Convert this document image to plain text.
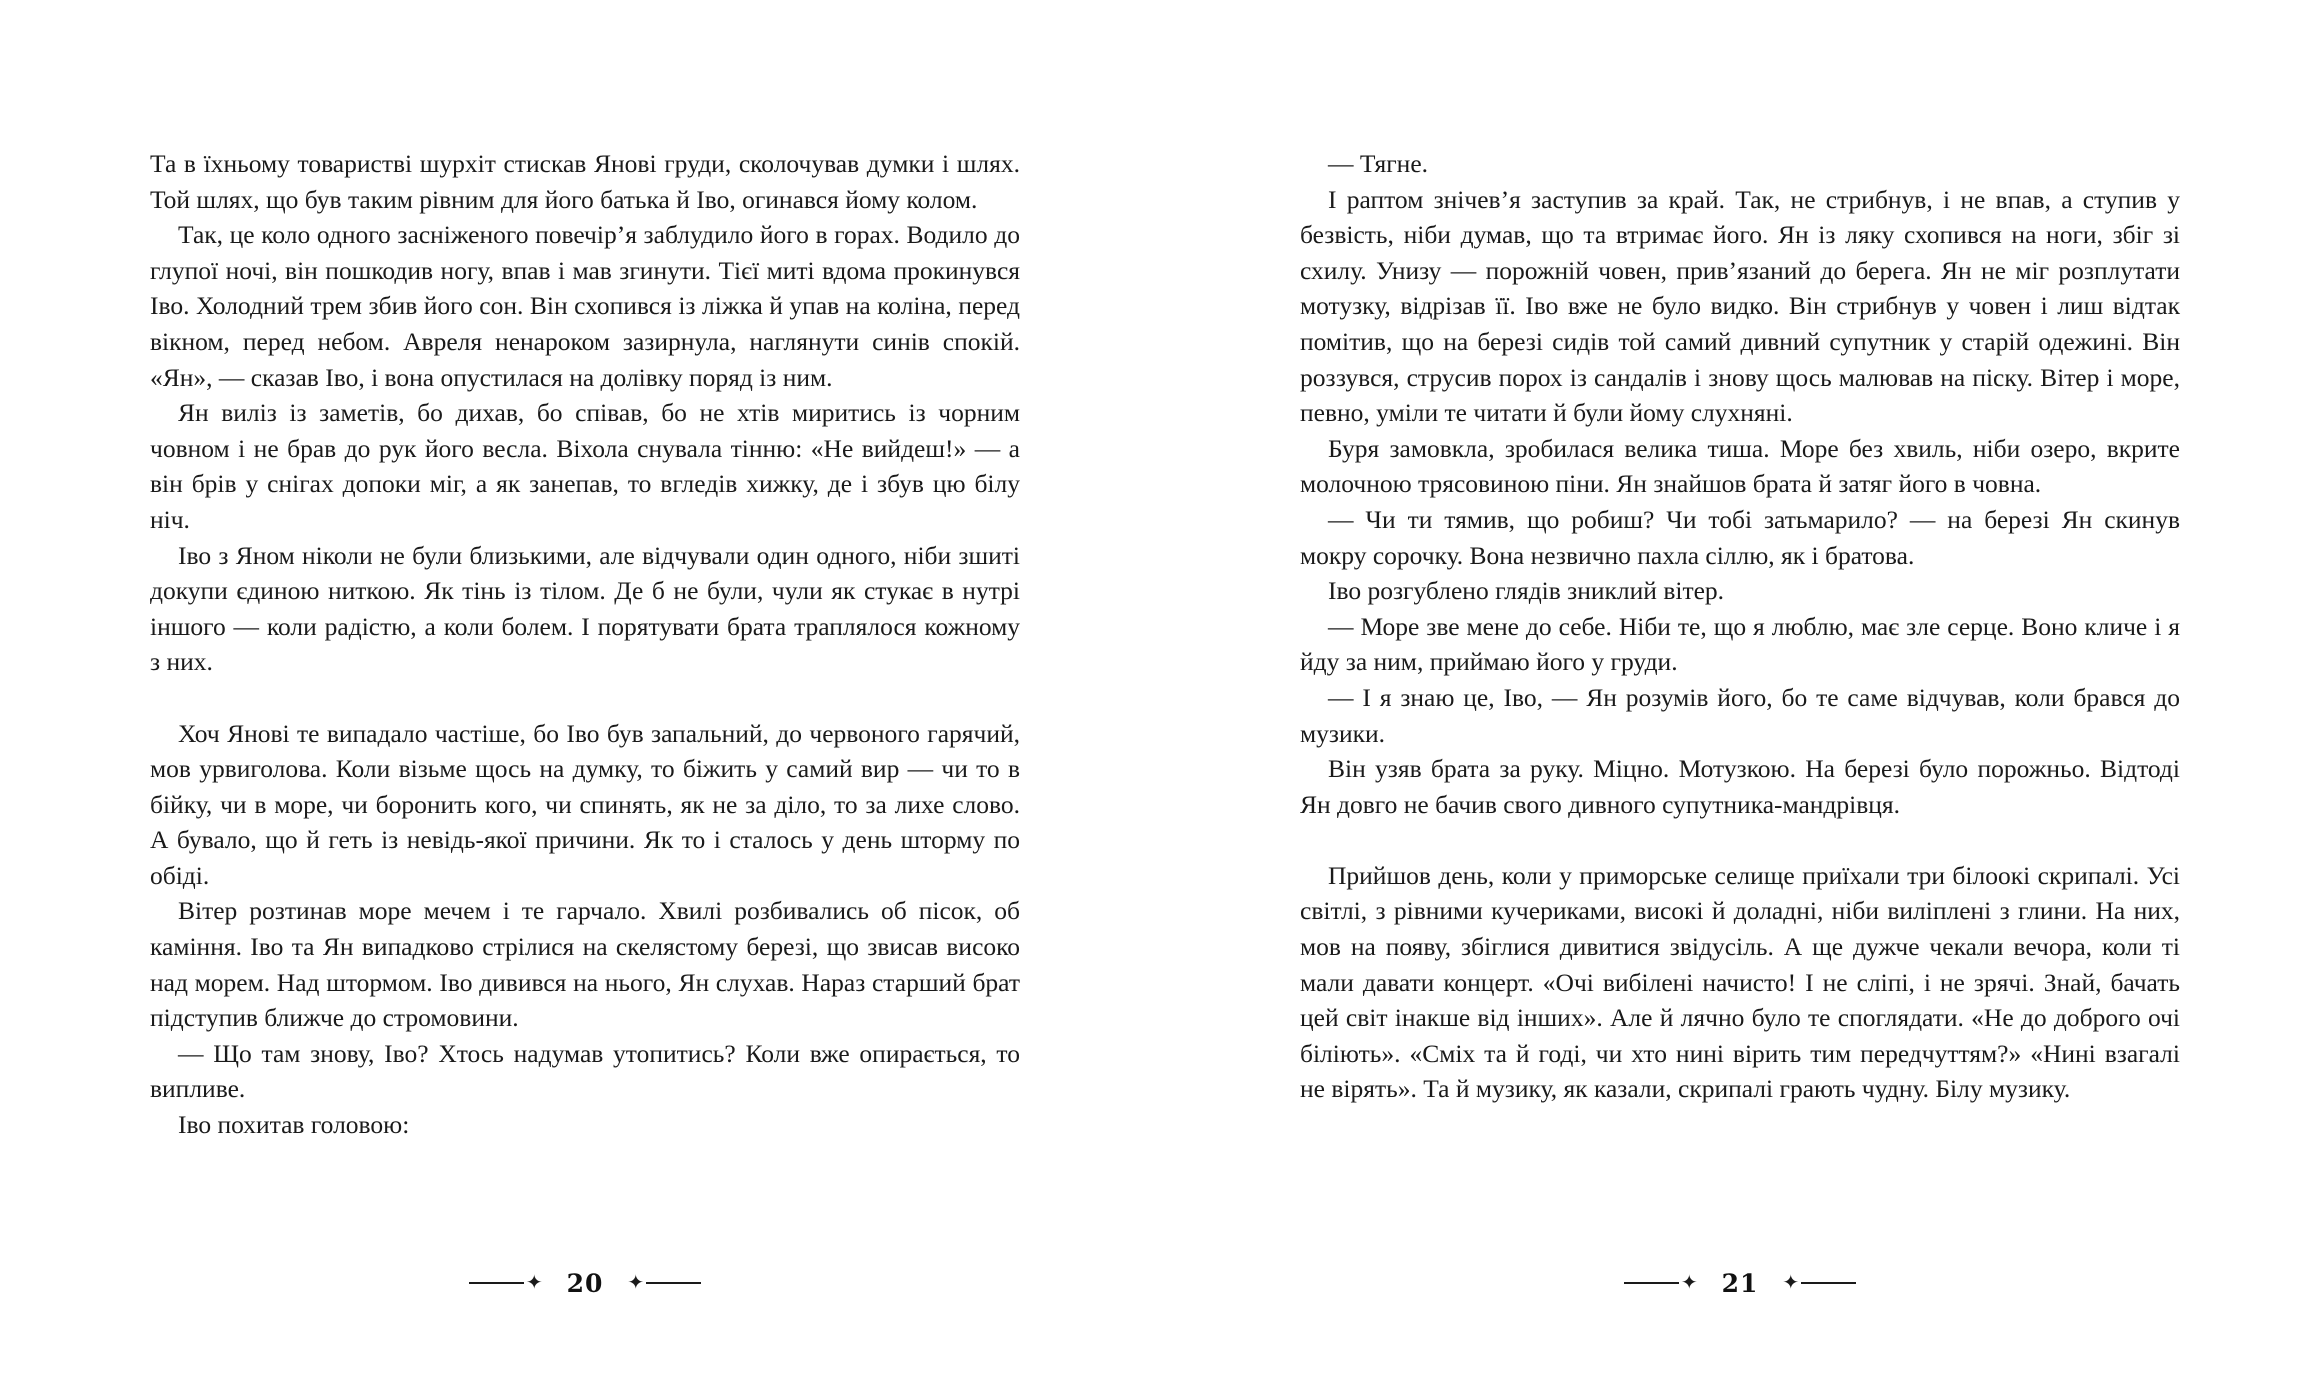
Та в їхньому товаристві шурхіт стискав Янові груди, сколочував думки і шлях. Той шлях, що був таким рівним для його батька й Іво, огинався йому колом.

Так, це коло одного засніженого повечір’я заблудило його в горах. Водило до глупої ночі, він пошкодив ногу, впав і мав згинути. Тієї миті вдома прокинувся Іво. Холодний трем збив його сон. Він схопився із ліжка й упав на коліна, перед вікном, перед небом. Авреля ненароком зазирнула, наглянути синів спокій. «Ян», — сказав Іво, і вона опустилася на долівку поряд із ним.

Ян виліз із заметів, бо дихав, бо співав, бо не хтів миритись із чорним човном і не брав до рук його весла. Віхола снувала тінню: «Не вийдеш!» — а він брів у снігах допоки міг, а як занепав, то вгледів хижку, де і збув цю білу ніч.

Іво з Яном ніколи не були близькими, але відчували один одного, ніби зшиті докупи єдиною ниткою. Як тінь із тілом. Де б не були, чули як стукає в нутрі іншого — коли радістю, а коли болем. І порятувати брата траплялося кожному з них.

Хоч Янові те випадало частіше, бо Іво був запальний, до червоного гарячий, мов урвиголова. Коли візьме щось на думку, то біжить у самий вир — чи то в бійку, чи в море, чи боронить кого, чи спинять, як не за діло, то за лихе слово. А бувало, що й геть із невідь-якої причини. Як то і сталось у день шторму по обіді.

Вітер розтинав море мечем і те гарчало. Хвилі розбивались об пісок, об каміння. Іво та Ян випадково стрілися на скелястому березі, що звисав високо над морем. Над штормом. Іво дивився на нього, Ян слухав. Нараз старший брат підступив ближче до стромовини.

— Що там знову, Іво? Хтось надумав утопитись? Коли вже опирається, то випливе.

Іво похитав головою:

✦ 20 ✦

— Тягне.

І раптом знічев’я заступив за край. Так, не стрибнув, і не впав, а ступив у безвість, ніби думав, що та втримає його. Ян із ляку схопився на ноги, збіг зі схилу. Унизу — порожній човен, прив’язаний до берега. Ян не міг розплутати мотузку, відрізав її. Іво вже не було видко. Він стрибнув у човен і лиш відтак помітив, що на березі сидів той самий дивний супутник у старій одежині. Він роззувся, струсив порох із сандалів і знову щось малював на піску. Вітер і море, певно, уміли те читати й були йому слухняні.

Буря замовкла, зробилася велика тиша. Море без хвиль, ніби озеро, вкрите молочною трясовиною піни. Ян знайшов брата й затяг його в човна.

— Чи ти тямив, що робиш? Чи тобі затьмарило? — на березі Ян скинув мокру сорочку. Вона незвично пахла сіллю, як і братова.

Іво розгублено глядів зниклий вітер.

— Море зве мене до себе. Ніби те, що я люблю, має зле серце. Воно кличе і я йду за ним, приймаю його у груди.

— І я знаю це, Іво, — Ян розумів його, бо те саме відчував, коли брався до музики.

Він узяв брата за руку. Міцно. Мотузкою. На березі було порожньо. Відтоді Ян довго не бачив свого дивного супутника-мандрівця.

Прийшов день, коли у приморське селище приїхали три білоокі скрипалі. Усі світлі, з рівними кучериками, високі й доладні, ніби виліплені з глини. На них, мов на появу, збіглися дивитися звідусіль. А ще дужче чекали вечора, коли ті мали давати концерт. «Очі вибілені начисто! І не сліпі, і не зрячі. Знай, бачать цей світ інакше від інших». Але й лячно було те споглядати. «Не до доброго очі біліють». «Сміх та й годі, чи хто нині вірить тим передчуттям?» «Нині взагалі не вірять». Та й музику, як казали, скрипалі грають чудну. Білу музику.

✦ 21 ✦
